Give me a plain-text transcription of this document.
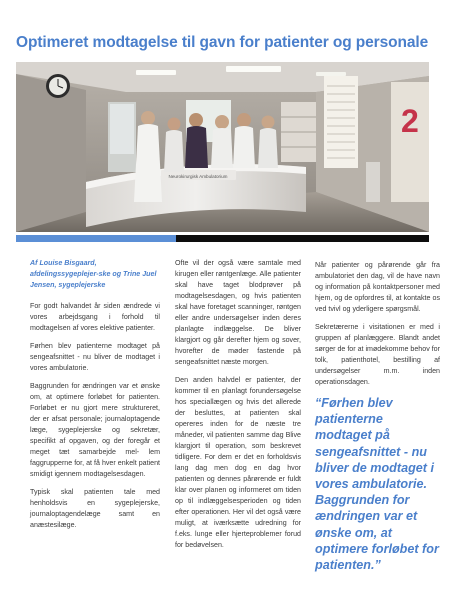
Optimeret modtagelse til gavn for patienter og personale
2
Neurokirurgisk Ambulatorium

Af Louise Bisgaard, afdelingssygeplejer-ske og Trine Juel Jensen, sygeplejerske

For godt halvandet år siden ændrede vi vores arbejdsgang i forhold til modtagelsen af vores elektive patienter.

Førhen blev patienterne modtaget på sengeafsnittet - nu bliver de modtaget i vores ambulatorie.

Baggrunden for ændringen var et ønske om, at optimere forløbet for patienten. Forløbet er nu gjort mere struktureret, der er afsat personale; journaloptagende læge, sygeplejerske og sekretær, specifikt af opgaven, og der foregår et meget tæt samarbejde mel- lem faggrupperne for, at få hver enkelt patient smidigt igennem modtagelsesdagen.

Typisk skal patienten tale med henholdsvis en sygeplejerske, journaloptagendelæge samt en anæstesilæge.

Ofte vil der også være samtale med kirugen eller røntgenlæge. Alle patienter skal have taget blodprøver på modtagelsesdagen, og hvis patienten skal have foretaget scanninger, røntgen eller andre undersøgelser inden deres planlagte indlæggelse. De bliver klargjort og går derefter hjem og sover, hvorefter de møder fastende på sengeafsnittet næste morgen.

Den anden halvdel er patienter, der kommer til en planlagt forundersøgelse hos speciallægen og hvis det allerede der besluttes, at patienten skal opereres inden for de næste tre måneder, vil patienten samme dag Blive klargjort til operation, som beskrevet tidligere. For dem er det en forholdsvis lang dag men dog en dag hvor patienten og dennes pårørende er fuldt klar over planen og informeret om tiden op til indlæggelsesperioden og tiden efter operationen. Her vil det også være muligt, at iværksætte udredning for f.eks. lunge eller hjerteproblemer forud for bedøvelsen.

Når patienter og pårørende går fra ambulatoriet den dag, vil de have navn og information på kontaktpersoner med hjem, og de opfordres til, at kontakte os ved tvivl og yderligere spørgsmål.

Sekretærerne i visitationen er med i gruppen af planlæggere. Blandt andet sørger de for at imødekomme behov for tolk, patienthotel, bestilling af undersøgelser m.m. inden operationsdagen.

“Førhen blev patienterne modtaget på sengeafsnittet - nu bliver de modtaget i vores ambulatorie. Baggrunden for ændringen var et ønske om, at optimere forløbet for patienten.”
